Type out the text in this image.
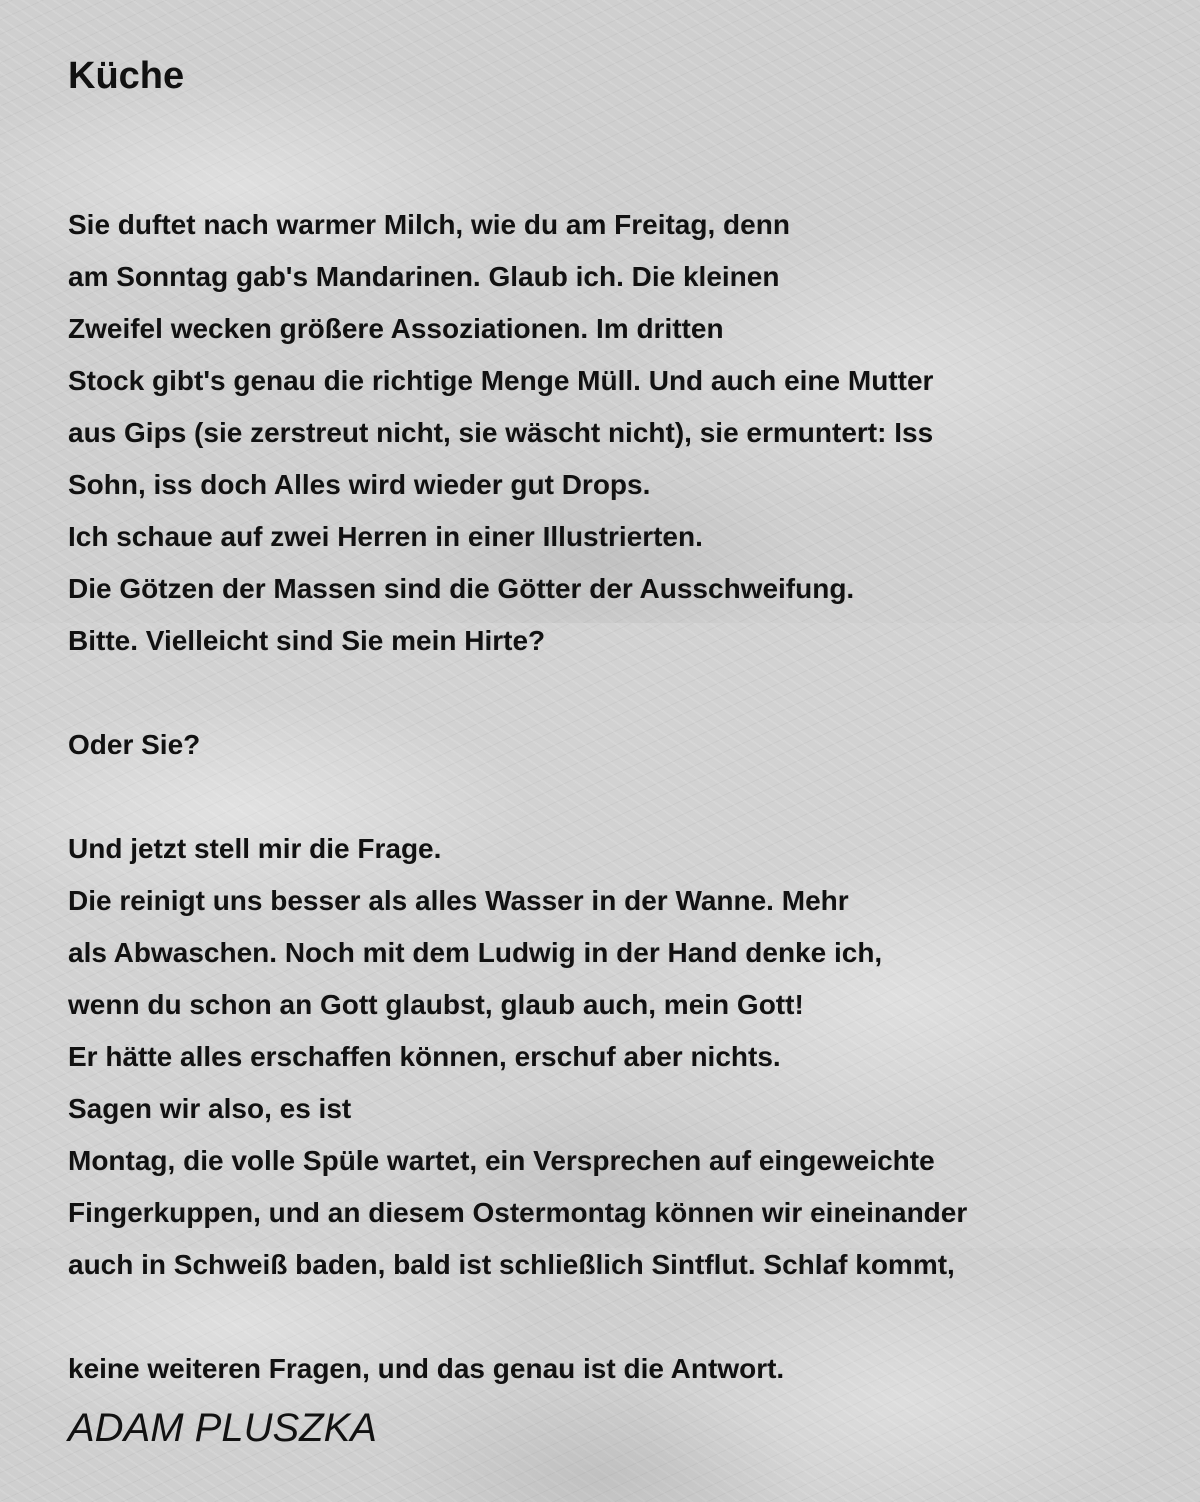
Küche
Sie duftet nach warmer Milch, wie du am Freitag, denn
am Sonntag gab's Mandarinen. Glaub ich. Die kleinen
Zweifel wecken größere Assoziationen. Im dritten
Stock gibt's genau die richtige Menge Müll. Und auch eine Mutter
aus Gips (sie zerstreut nicht, sie wäscht nicht), sie ermuntert: Iss
Sohn, iss doch Alles wird wieder gut Drops.
Ich schaue auf zwei Herren in einer Illustrierten.
Die Götzen der Massen sind die Götter der Ausschweifung.
Bitte. Vielleicht sind Sie mein Hirte?
Oder Sie?
Und jetzt stell mir die Frage.
Die reinigt uns besser als alles Wasser in der Wanne. Mehr
als Abwaschen. Noch mit dem Ludwig in der Hand denke ich,
wenn du schon an Gott glaubst, glaub auch, mein Gott!
Er hätte alles erschaffen können, erschuf aber nichts.
Sagen wir also, es ist
Montag, die volle Spüle wartet, ein Versprechen auf eingeweichte
Fingerkuppen, und an diesem Ostermontag können wir eineinander
auch in Schweiß baden, bald ist schließlich Sintflut. Schlaf kommt,
keine weiteren Fragen, und das genau ist die Antwort.
ADAM PLUSZKA
